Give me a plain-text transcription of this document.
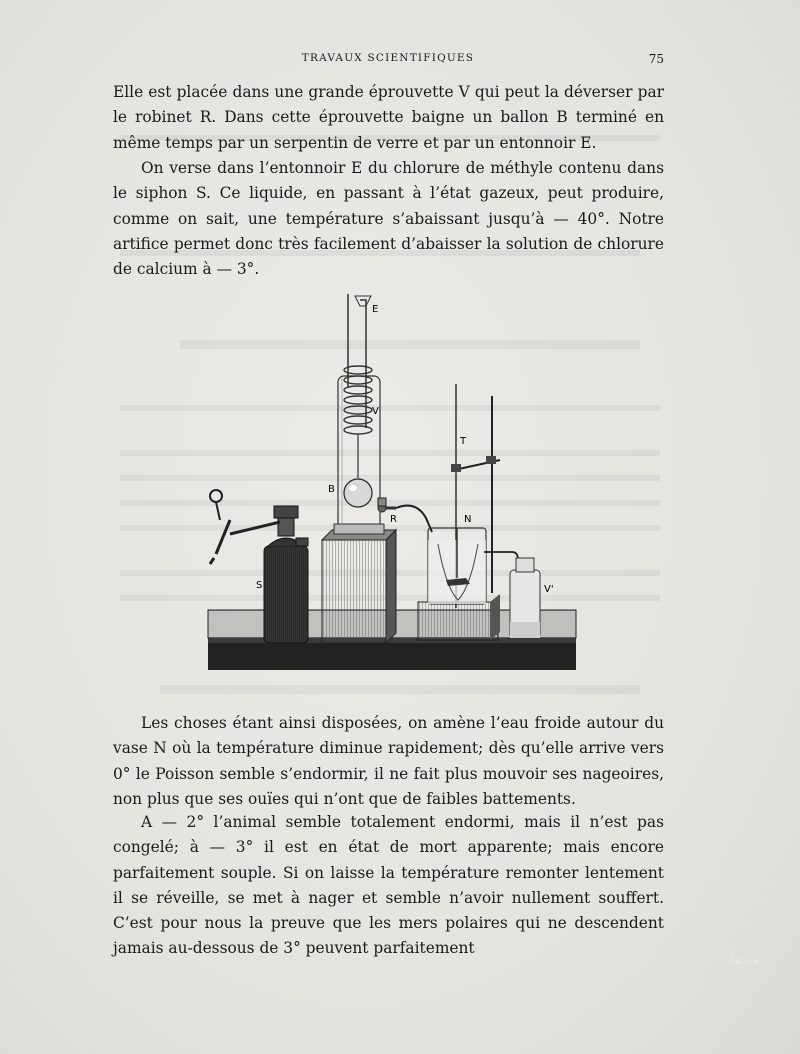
TRAVAUX SCIENTIFIQUES	75

Elle est placée dans une grande éprouvette V qui peut la déverser par le robinet R. Dans cette éprouvette baigne un ballon B terminé en même temps par un serpentin de verre et par un entonnoir E.

On verse dans l’entonnoir E du chlorure de méthyle contenu dans le siphon S. Ce liquide, en passant à l’état gazeux, peut produire, comme on sait, une température s’abaissant jusqu’à — 40°. Notre artifice permet donc très facilement d’abaisser la solution de chlorure de calcium à — 3°.

S
E
V
B
R
T
N
V'
E. OBERLIN

Les choses étant ainsi disposées, on amène l’eau froide autour du vase N où la température diminue rapidement; dès qu’elle arrive vers 0° le Poisson semble s’endormir, il ne fait plus mouvoir ses nageoires, non plus que ses ouïes qui n’ont que de faibles battements.

A — 2° l’animal semble totalement endormi, mais il n’est pas congelé; à — 3° il est en état de mort apparente; mais encore parfaitement souple. Si on laisse la température remonter lentement il se réveille, se met à nager et semble n’avoir nullement souffert. C’est pour nous la preuve que les mers polaires qui ne descendent jamais au-dessous de 3° peuvent parfaitement
